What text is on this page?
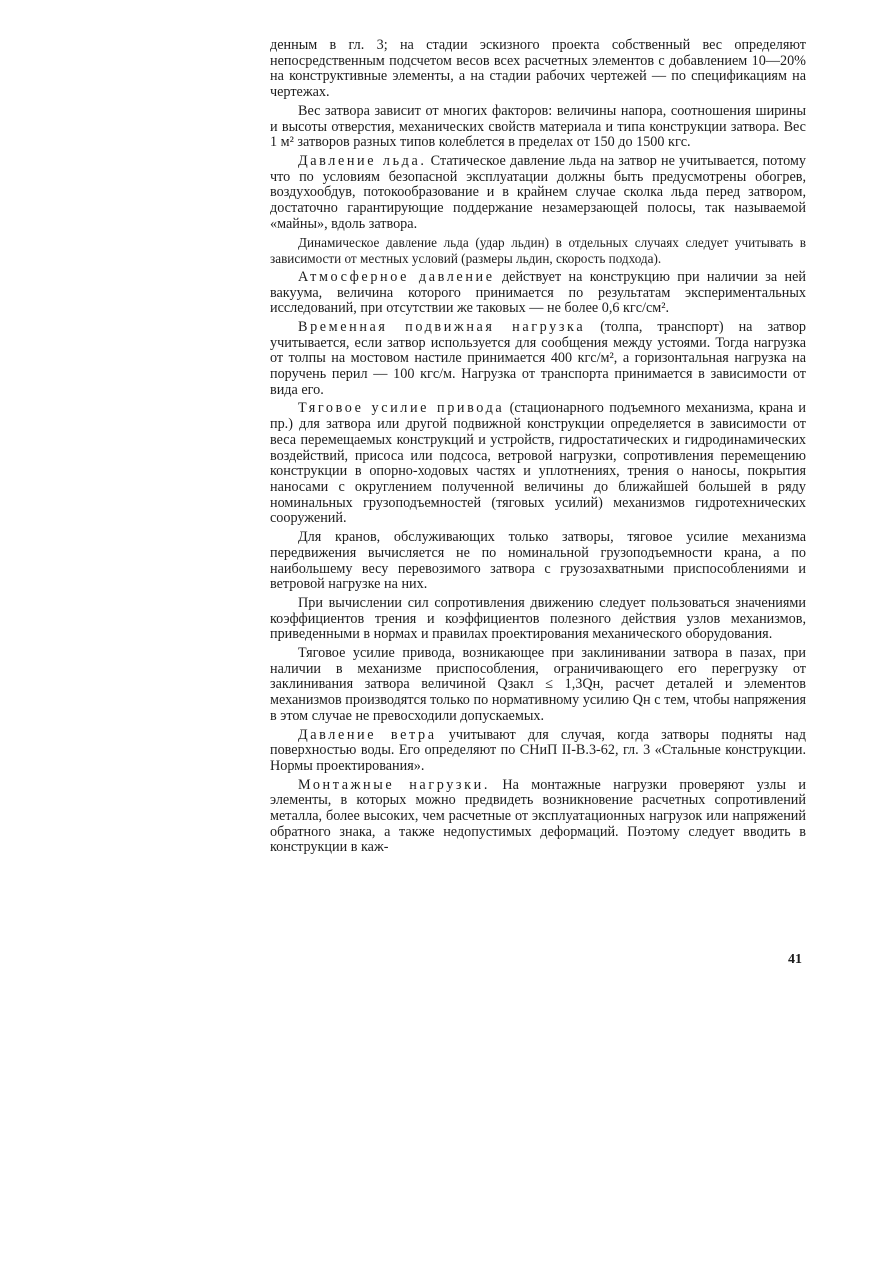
денным в гл. 3; на стадии эскизного проекта собственный вес определяют непосредственным подсчетом весов всех расчетных элементов с добавлением 10—20% на конструктивные элементы, а на стадии рабочих чертежей — по спецификациям на чертежах.

Вес затвора зависит от многих факторов: величины напора, соотношения ширины и высоты отверстия, механических свойств материала и типа конструкции затвора. Вес 1 м² затворов разных типов колеблется в пределах от 150 до 1500 кгс.

Давление льда. Статическое давление льда на затвор не учитывается, потому что по условиям безопасной эксплуатации должны быть предусмотрены обогрев, воздухообдув, потокообразование и в крайнем случае сколка льда перед затвором, достаточно гарантирующие поддержание незамерзающей полосы, так называемой «майны», вдоль затвора.

Динамическое давление льда (удар льдин) в отдельных случаях следует учитывать в зависимости от местных условий (размеры льдин, скорость подхода).

Атмосферное давление действует на конструкцию при наличии за ней вакуума, величина которого принимается по результатам экспериментальных исследований, при отсутствии же таковых — не более 0,6 кгс/см².

Временная подвижная нагрузка (толпа, транспорт) на затвор учитывается, если затвор используется для сообщения между устоями. Тогда нагрузка от толпы на мостовом настиле принимается 400 кгс/м², а горизонтальная нагрузка на поручень перил — 100 кгс/м. Нагрузка от транспорта принимается в зависимости от вида его.

Тяговое усилие привода (стационарного подъемного механизма, крана и пр.) для затвора или другой подвижной конструкции определяется в зависимости от веса перемещаемых конструкций и устройств, гидростатических и гидродинамических воздействий, присоса или подсоса, ветровой нагрузки, сопротивления перемещению конструкции в опорно-ходовых частях и уплотнениях, трения о наносы, покрытия наносами с округлением полученной величины до ближайшей большей в ряду номинальных грузоподъемностей (тяговых усилий) механизмов гидротехнических сооружений.

Для кранов, обслуживающих только затворы, тяговое усилие механизма передвижения вычисляется не по номинальной грузоподъемности крана, а по наибольшему весу перевозимого затвора с грузозахватными приспособлениями и ветровой нагрузке на них.

При вычислении сил сопротивления движению следует пользоваться значениями коэффициентов трения и коэффициентов полезного действия узлов механизмов, приведенными в нормах и правилах проектирования механического оборудования.

Тяговое усилие привода, возникающее при заклинивании затвора в пазах, при наличии в механизме приспособления, ограничивающего его перегрузку от заклинивания затвора величиной Qзакл ≤ 1,3Qн, расчет деталей и элементов механизмов производятся только по нормативному усилию Qн с тем, чтобы напряжения в этом случае не превосходили допускаемых.

Давление ветра учитывают для случая, когда затворы подняты над поверхностью воды. Его определяют по СНиП II-В.3-62, гл. 3 «Стальные конструкции. Нормы проектирования».

Монтажные нагрузки. На монтажные нагрузки проверяют узлы и элементы, в которых можно предвидеть возникновение расчетных сопротивлений металла, более высоких, чем расчетные от эксплуатационных нагрузок или напряжений обратного знака, а также недопустимых деформаций. Поэтому следует вводить в конструкции в каж-

41
